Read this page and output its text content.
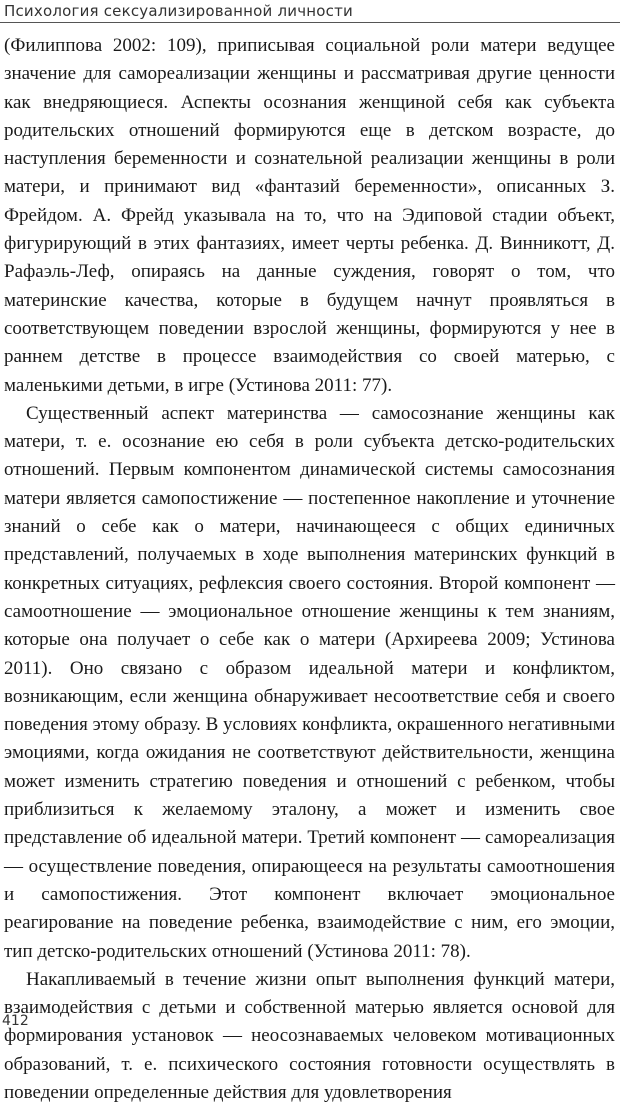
Психология сексуализированной личности

(Филиппова 2002: 109), приписывая социальной роли матери ведущее значение для самореализации женщины и рассматривая другие ценности как внедряющиеся. Аспекты осознания женщиной себя как субъекта родительских отношений формируются еще в детском возрасте, до наступления беременности и сознательной реализации женщины в роли матери, и принимают вид «фантазий беременности», описанных З. Фрейдом. А. Фрейд указывала на то, что на Эдиповой стадии объект, фигурирующий в этих фантазиях, имеет черты ребенка. Д. Винникотт, Д. Рафаэль-Леф, опираясь на данные суждения, говорят о том, что материнские качества, которые в будущем начнут проявляться в соответствующем поведении взрослой женщины, формируются у нее в раннем детстве в процессе взаимодействия со своей матерью, с маленькими детьми, в игре (Устинова 2011: 77).

Существенный аспект материнства — самосознание женщины как матери, т. е. осознание ею себя в роли субъекта детско-родительских отношений. Первым компонентом динамической системы самосознания матери является самопостижение — постепенное накопление и уточнение знаний о себе как о матери, начинающееся с общих единичных представлений, получаемых в ходе выполнения материнских функций в конкретных ситуациях, рефлексия своего состояния. Второй компонент — самоотношение — эмоциональное отношение женщины к тем знаниям, которые она получает о себе как о матери (Архиреева 2009; Устинова 2011). Оно связано с образом идеальной матери и конфликтом, возникающим, если женщина обнаруживает несоответствие себя и своего поведения этому образу. В условиях конфликта, окрашенного негативными эмоциями, когда ожидания не соответствуют действительности, женщина может изменить стратегию поведения и отношений с ребенком, чтобы приблизиться к желаемому эталону, а может и изменить свое представление об идеальной матери. Третий компонент — самореализация — осуществление поведения, опирающееся на результаты самоотношения и самопостижения. Этот компонент включает эмоциональное реагирование на поведение ребенка, взаимодействие с ним, его эмоции, тип детско-родительских отношений (Устинова 2011: 78).

Накапливаемый в течение жизни опыт выполнения функций матери, взаимодействия с детьми и собственной матерью является основой для формирования установок — неосознаваемых человеком мотивационных образований, т. е. психического состояния готовности осуществлять в поведении определенные действия для удовлетворения

412
